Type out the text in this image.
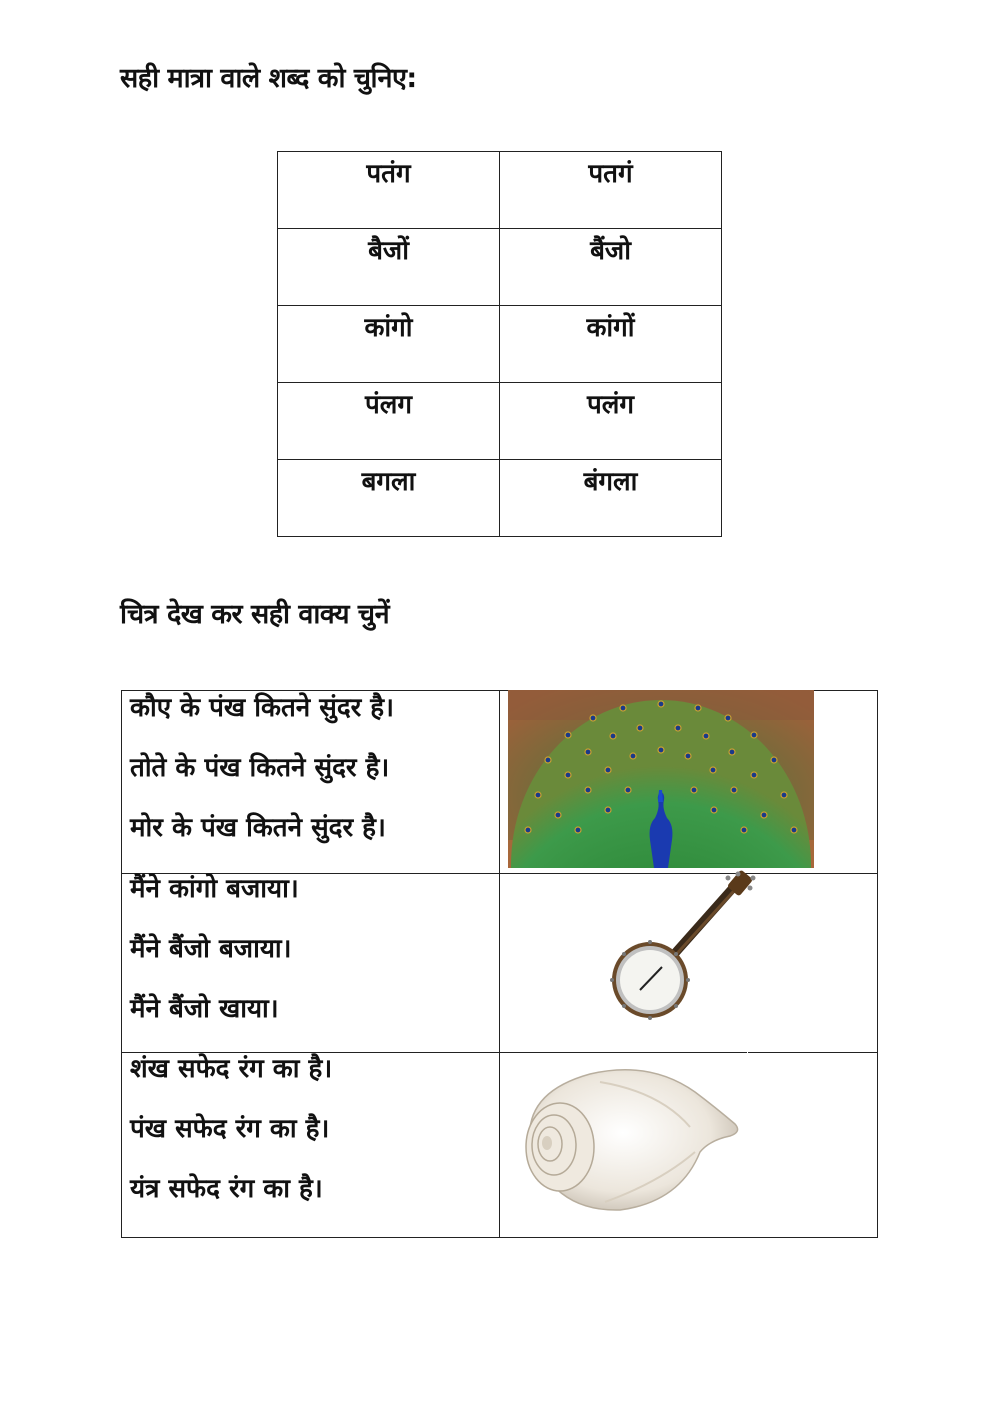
सही मात्रा वाले शब्द को चुनिए:
पतंग	पतगं
बैजों	बैंजो
कांगो	कांगों
पंलग	पलंग
बगला	बंगला
चित्र देख कर सही वाक्य चुनें
कौए के पंख कितने सुंदर है।
तोते के पंख कितने सुंदर है।
मोर के पंख कितने सुंदर है।
मैंने कांगो बजाया।
मैंने बैंजो बजाया।
मैंने बैंजो खाया।
शंख सफेद रंग का है।
पंख सफेद रंग का है।
यंत्र सफेद रंग का है।
